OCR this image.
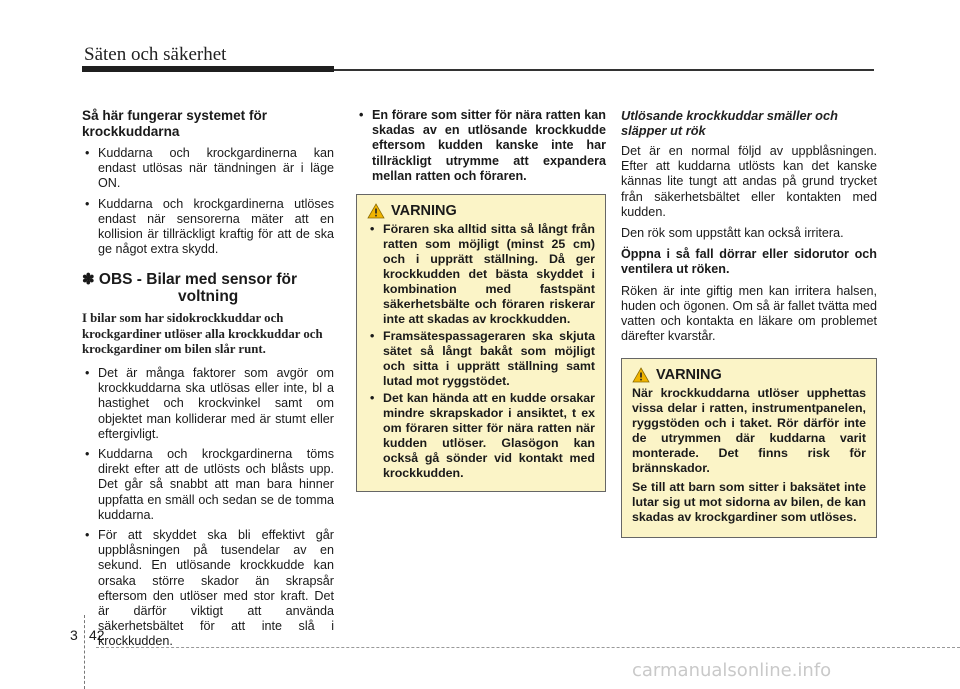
Säten och säkerhet
Så här fungerar systemet för krockkuddarna
• Kuddarna och krockgardinerna kan endast utlösas när tändningen är i läge ON.
• Kuddarna och krockgardinerna utlöses endast när sensorerna mäter att en kollision är tillräckligt kraftig för att de ska ge något extra skydd.
✽ OBS - Bilar med sensor för
voltning
I bilar som har sidokrockkuddar och krockgardiner utlöser alla krockkuddar och krockgardiner om bilen slår runt.
• Det är många faktorer som avgör om krockkuddarna ska utlösas eller inte, bl a hastighet och krockvinkel samt om objektet man kolliderar med är stumt eller eftergivligt.
• Kuddarna och krockgardinerna töms direkt efter att de utlösts och blåsts upp. Det går så snabbt att man bara hinner uppfatta en smäll och sedan se de tomma kuddarna.
• För att skyddet ska bli effektivt går uppblåsningen på tusendelar av en sekund. En utlösande krockkudde kan orsaka större skador än skrapsår eftersom den utlöser med stor kraft. Det är därför viktigt att använda säkerhetsbältet för att inte slå i krockkudden.
• En förare som sitter för nära ratten kan skadas av en utlösande krockkudde eftersom kudden kanske inte har tillräckligt utrymme att expandera mellan ratten och föraren.
VARNING
• Föraren ska alltid sitta så långt från ratten som möjligt (minst 25 cm) och i upprätt ställning. Då ger krockkudden det bästa skyddet i kombination med fastspänt säkerhetsbälte och föraren riskerar inte att skadas av krockkudden.
• Framsätespassageraren ska skjuta sätet så långt bakåt som möjligt och sitta i upprätt ställning samt lutad mot ryggstödet.
• Det kan hända att en kudde orsakar mindre skrapskador i ansiktet, t ex om föraren sitter för nära ratten när kudden utlöser. Glasögon kan också gå sönder vid kontakt med krockkudden.
Utlösande krockkuddar smäller och släpper ut rök
Det är en normal följd av uppblåsningen. Efter att kuddarna utlösts kan det kanske kännas lite tungt att andas på grund trycket från säkerhetsbältet eller kontakten med kudden.
Den rök som uppstått kan också irritera.
Öppna i så fall dörrar eller sidorutor och ventilera ut röken.
Röken är inte giftig men kan irritera halsen, huden och ögonen. Om så är fallet tvätta med vatten och kontakta en läkare om problemet därefter kvarstår.
VARNING

När krockkuddarna utlöser upphettas vissa delar i ratten, instrumentpanelen, ryggstöden och i taket. Rör därför inte de utrymmen där kuddarna varit monterade. Det finns risk för brännskador.

Se till att barn som sitter i baksätet inte lutar sig ut mot sidorna av bilen, de kan skadas av krockgardiner som utlöses.

3 42
carmanualsonline.info
